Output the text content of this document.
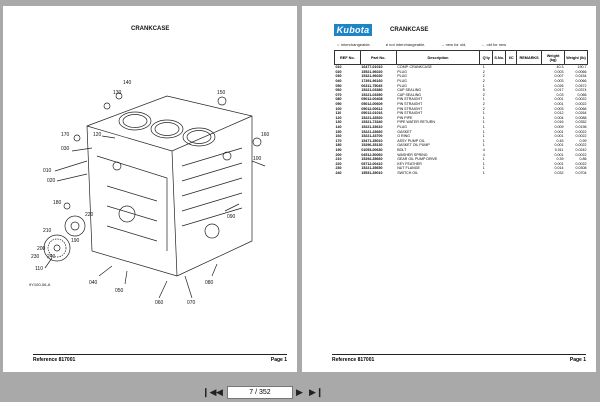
CRANKCASE
010
020
030
040
050
060	070
080
090
100
110
120
130
140
150
160
170
180
190
200
210
220
230 240
9Y100-06-A
Reference 817001	Page 1
Kubota	CRANKCASE
⇔ interchangeable.	≠ not interchangeable.	→ new for old,	← old for new
REF No.	Part No.	Description	Q'ty	S.No.	I/C	REMARKS	Weight (kg)	Weight (lb)
010	16477-01010	COMP. CRANKCASE	1				40.3	190.7
020	15521-96020	PLUG	2				0.003	0.0066
030	15321-96030	PLUG	2				0.007	0.0154
040	17391-96160	PLUG	2				0.003	0.0066
050	06311-75045	PLUG	1				0.026	0.0572
060	15221-03380	CAP SEALING	5				0.017	0.0374
070	15221-03390	CAP SEALING	2				0.03	0.066
080	05012-00408	PIN STRAIGHT	1				0.001	0.0022
090	05012-00609	PIN STRAIGHT	2				0.001	0.0022
100	05012-00612	PIN STRAIGHT	2				0.003	0.0066
110	05012-01016	PIN STRAIGHT	1				0.012	0.0264
120	15221-33520	PIN PIPE	1				0.004	0.0088
130	15321-73340	PIPE WATER RETURN	1				0.016	0.0352
140	15221-33610	PLUG	1				0.009	0.0198
150	15221-33660	GASKET	1				0.001	0.0022
160	15221-33700	O RING	1				0.001	0.0022
170	15471-35010	ASSY PUMP OIL	1				0.45	0.99
180	15296-35130	GASKET OIL PUMP	1				0.001	0.0022
190	01053-00630	BOLT	4				0.011	0.0242
200	04512-50060	WASHER SPRING	4				0.001	0.0022
210	15292-35660	GEAR OIL PUMP DRIVE	1				0.39	0.86
220	05712-00410	KEY FEATHER	1				0.001	0.0022
230	15221-35650	NUT FLANGE	1				0.014	0.0308
240	15531-39010	SWITCH OIL	1				0.032	0.0704
Reference 817001	Page 1
❙◀ ◀
7 / 352	▶ ▶❙
